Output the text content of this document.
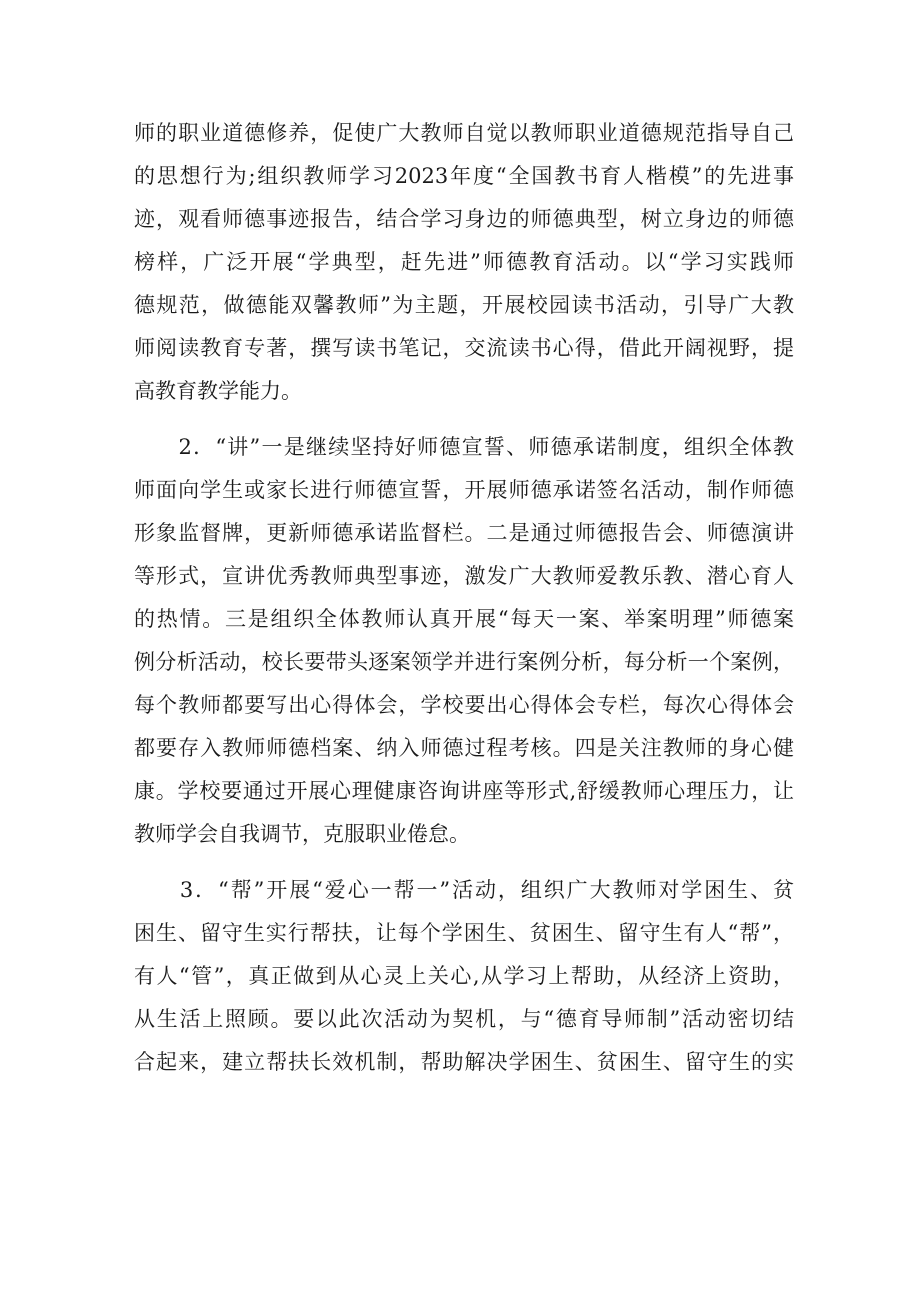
师的职业道德修养，促使广大教师自觉以教师职业道德规范指导自己
的思想行为;组织教师学习2023年度“全国教书育人楷模”的先进事
迹，观看师德事迹报告，结合学习身边的师德典型，树立身边的师德
榜样，广泛开展“学典型，赶先进”师德教育活动。以“学习实践师
德规范，做德能双馨教师”为主题，开展校园读书活动，引导广大教
师阅读教育专著，撰写读书笔记，交流读书心得，借此开阔视野，提
高教育教学能力。
　　2．“讲”一是继续坚持好师德宣誓、师德承诺制度，组织全体教
师面向学生或家长进行师德宣誓，开展师德承诺签名活动，制作师德
形象监督牌，更新师德承诺监督栏。二是通过师德报告会、师德演讲
等形式，宣讲优秀教师典型事迹，激发广大教师爱教乐教、潜心育人
的热情。三是组织全体教师认真开展“每天一案、举案明理”师德案
例分析活动，校长要带头逐案领学并进行案例分析，每分析一个案例，
每个教师都要写出心得体会，学校要出心得体会专栏，每次心得体会
都要存入教师师德档案、纳入师德过程考核。四是关注教师的身心健
康。学校要通过开展心理健康咨询讲座等形式,舒缓教师心理压力，让
教师学会自我调节，克服职业倦怠。
　　3．“帮”开展“爱心一帮一”活动，组织广大教师对学困生、贫
困生、留守生实行帮扶，让每个学困生、贫困生、留守生有人“帮”，
有人“管”，真正做到从心灵上关心,从学习上帮助，从经济上资助，
从生活上照顾。要以此次活动为契机，与“德育导师制”活动密切结
合起来，建立帮扶长效机制，帮助解决学困生、贫困生、留守生的实
